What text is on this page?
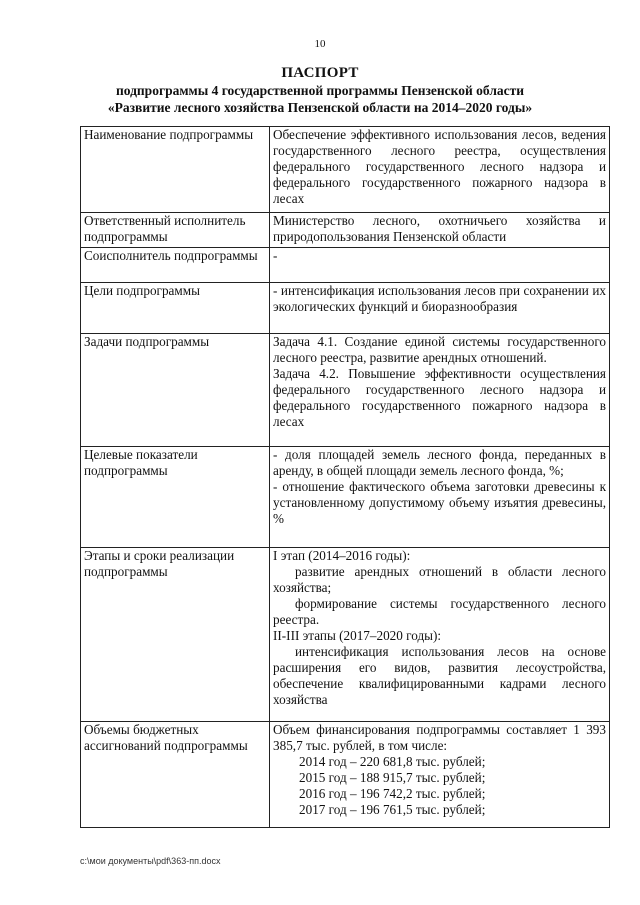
10
ПАСПОРТ
подпрограммы 4 государственной программы Пензенской области
«Развитие лесного хозяйства Пензенской области на 2014–2020 годы»
Наименование подпрограммы	Обеспечение эффективного использования лесов, ведения государственного лесного реестра, осуществления федерального государственного лесного надзора и федерального государственного пожарного надзора в лесах
Ответственный исполнитель подпрограммы	Министерство лесного, охотничьего хозяйства и природопользования Пензенской области
Соисполнитель подпрограммы	-
Цели подпрограммы	- интенсификация использования лесов при сохранении их экологических функций и биоразнообразия
Задачи подпрограммы	Задача 4.1. Создание единой системы государственного лесного реестра, развитие арендных отношений.

Задача 4.2. Повышение эффективности осуществления федерального государственного лесного надзора и федерального государственного пожарного надзора в лесах

Целевые показатели подпрограммы	- доля площадей земель лесного фонда, переданных в аренду, в общей площади земель лесного фонда, %;

- отношение фактического объема заготовки древесины к установленному допустимому объему изъятия древесины, %

Этапы и сроки реализации подпрограммы	I этап (2014–2016 годы):

развитие арендных отношений в области лесного хозяйства;

формирование системы государственного лесного реестра.

II-III этапы (2017–2020 годы):

интенсификация использования лесов на основе расширения его видов, развития лесоустройства, обеспечение квалифицированными кадрами лесного хозяйства

Объемы бюджетных ассигнований подпрограммы	Объем финансирования подпрограммы составляет 1 393 385,7 тыс. рублей, в том числе:

2014 год – 220 681,8 тыс. рублей;

2015 год – 188 915,7 тыс. рублей;

2016 год – 196 742,2 тыс. рублей;

2017 год – 196 761,5 тыс. рублей;

c:\мои документы\pdf\363-пп.docx
